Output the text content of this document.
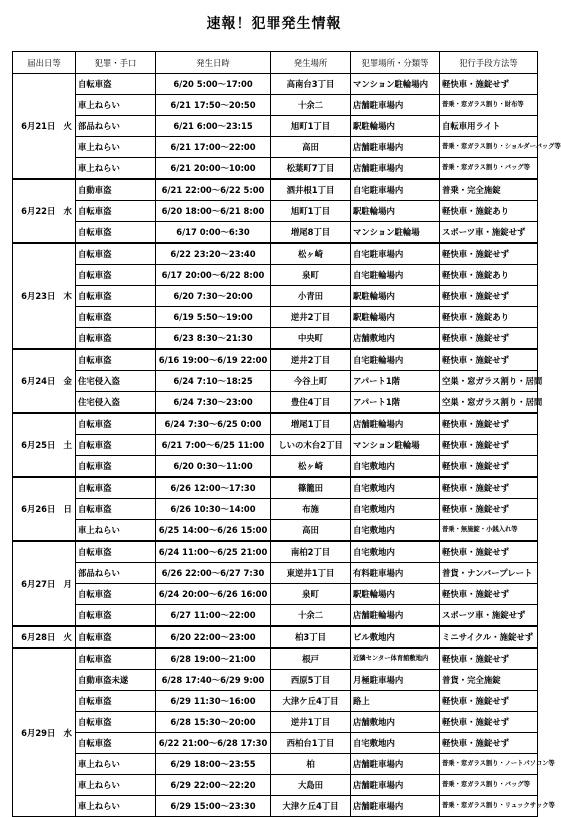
速報！犯罪発生情報
届出日等		犯罪・手口	発生日時	発生場所	犯罪場所・分類等	犯行手段方法等
6月21日	火	自転車盗	6/20 5:00～17:00	高南台3丁目	マンション駐輪場内	軽快車・施錠せず
		車上ねらい	6/21 17:50～20:50	十余二	店舗駐車場内	普乗・窓ガラス割り・財布等
		部品ねらい	6/21 6:00～23:15	旭町1丁目	駅駐輪場内	自転車用ライト
		車上ねらい	6/21 17:00～22:00	高田	店舗駐車場内	普乗・窓ガラス割り・ショルダーバッグ等
		車上ねらい	6/21 20:00～10:00	松葉町7丁目	店舗駐車場内	普乗・窓ガラス割り・バッグ等
6月22日	水	自動車盗	6/21 22:00～6/22 5:00	酒井根1丁目	自宅駐車場内	普乗・完全施錠
		自転車盗	6/20 18:00～6/21 8:00	旭町1丁目	駅駐輪場内	軽快車・施錠あり
		自転車盗	6/17 0:00～6:30	増尾8丁目	マンション駐輪場	スポーツ車・施錠せず
6月23日	木	自転車盗	6/22 23:20～23:40	松ヶ崎	自宅駐車場内	軽快車・施錠せず
		自転車盗	6/17 20:00～6/22 8:00	泉町	自宅駐輪場内	軽快車・施錠あり
		自転車盗	6/20 7:30～20:00	小青田	駅駐輪場内	軽快車・施錠せず
		自転車盗	6/19 5:50～19:00	逆井2丁目	駅駐輪場内	軽快車・施錠あり
		自転車盗	6/23 8:30～21:30	中央町	店舗敷地内	軽快車・施錠せず
6月24日	金	自転車盗	6/16 19:00～6/19 22:00	逆井2丁目	自宅駐輪場内	軽快車・施錠せず
		住宅侵入盗	6/24 7:10～18:25	今谷上町	アパート1階	空巣・窓ガラス割り・居間
		住宅侵入盗	6/24 7:30～23:00	豊住4丁目	アパート1階	空巣・窓ガラス割り・居間
6月25日	土	自転車盗	6/24 7:30～6/25 0:00	増尾1丁目	店舗駐輪場内	軽快車・施錠せず
		自転車盗	6/21 7:00～6/25 11:00	しいの木台2丁目	マンション駐輪場	軽快車・施錠せず
		自転車盗	6/20 0:30～11:00	松ヶ崎	自宅敷地内	軽快車・施錠せず
6月26日	日	自転車盗	6/26 12:00～17:30	篠籠田	自宅敷地内	軽快車・施錠せず
		自転車盗	6/26 10:30～14:00	布施	自宅敷地内	軽快車・施錠せず
		車上ねらい	6/25 14:00～6/26 15:00	高田	自宅敷地内	普乗・無施錠・小銭入れ等
6月27日	月	自転車盗	6/24 11:00～6/25 21:00	南柏2丁目	自宅敷地内	軽快車・施錠せず
		部品ねらい	6/26 22:00～6/27 7:30	東逆井1丁目	有料駐車場内	普貨・ナンバープレート
		自転車盗	6/24 20:00～6/26 16:00	泉町	駅駐輪場内	軽快車・施錠せず
		自転車盗	6/27 11:00～22:00	十余二	店舗駐輪場内	スポーツ車・施錠せず
6月28日	火	自転車盗	6/20 22:00～23:00	柏3丁目	ビル敷地内	ミニサイクル・施錠せず
6月29日	水	自転車盗	6/28 19:00～21:00	根戸	近隣センター体育館敷地内	軽快車・施錠せず
		自動車盗未遂	6/28 17:40～6/29 9:00	西原5丁目	月極駐車場内	普貨・完全施錠
		自転車盗	6/29 11:30～16:00	大津ケ丘4丁目	路上	軽快車・施錠せず
		自転車盗	6/28 15:30～20:00	逆井1丁目	店舗敷地内	軽快車・施錠せず
		自転車盗	6/22 21:00～6/28 17:30	西柏台1丁目	自宅敷地内	軽快車・施錠せず
		車上ねらい	6/29 18:00～23:55	柏	店舗駐車場内	普乗・窓ガラス割り・ノートパソコン等
		車上ねらい	6/29 22:00～22:20	大島田	店舗駐車場内	普乗・窓ガラス割り・バッグ等
		車上ねらい	6/29 15:00～23:30	大津ケ丘4丁目	店舗駐車場内	普乗・窓ガラス割り・リュックサック等
